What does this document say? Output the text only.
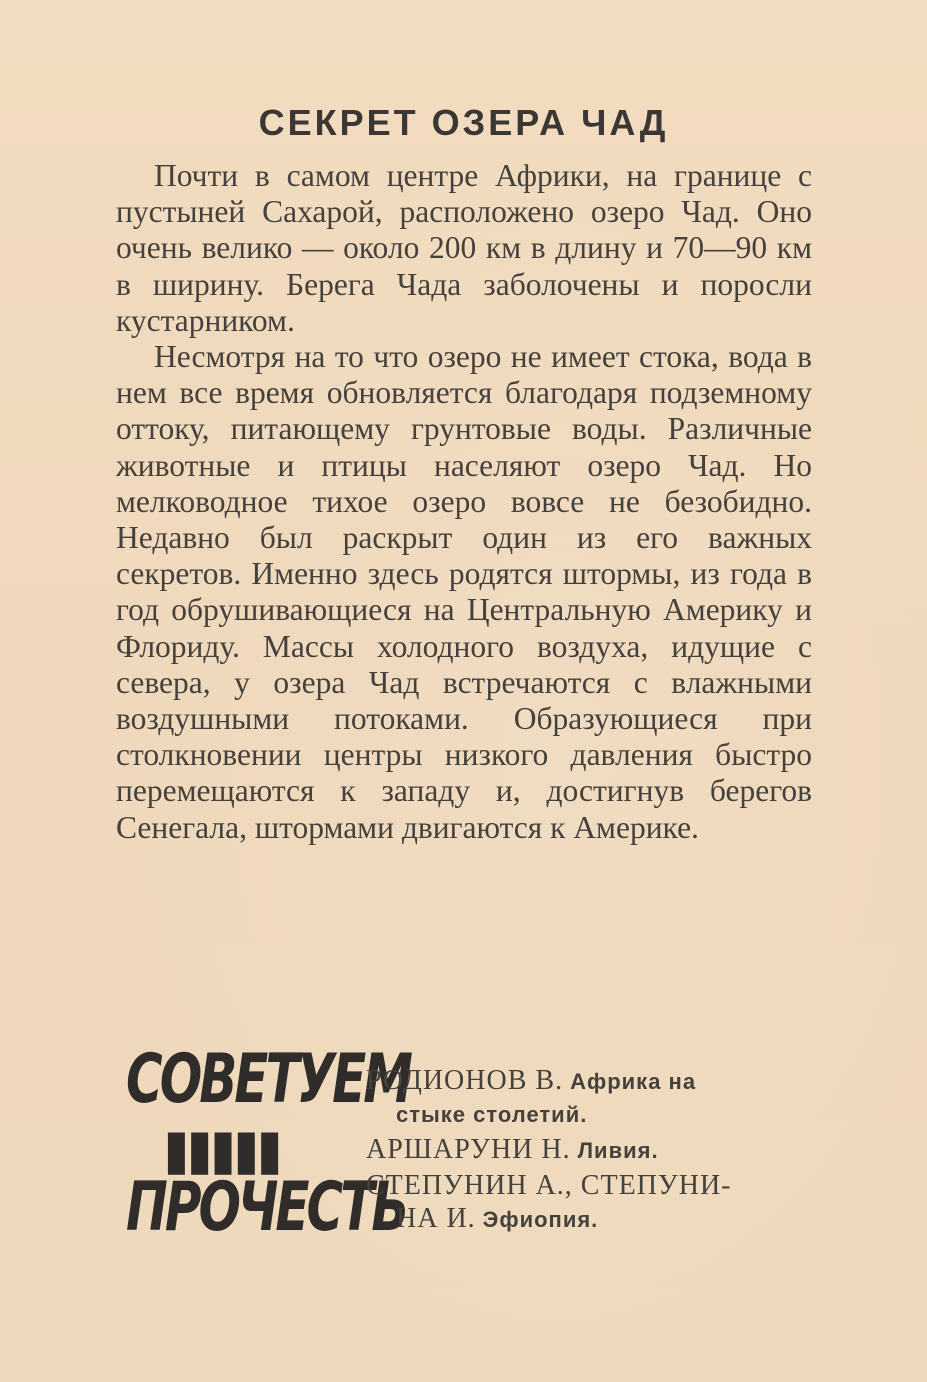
СЕКРЕТ ОЗЕРА ЧАД

Почти в самом центре Африки, на границе с пустыней Сахарой, расположено озеро Чад. Оно очень велико — около 200 км в длину и 70—90 км в ширину. Берега Чада заболочены и поросли кустарником.

Несмотря на то что озеро не имеет стока, вода в нем все время обновляется благодаря подземному оттоку, питающему грунтовые воды. Различные животные и птицы населяют озеро Чад. Но мелководное тихое озеро вовсе не безобидно. Недавно был раскрыт один из его важных секретов. Именно здесь родятся штормы, из года в год обрушивающиеся на Центральную Америку и Флориду. Массы холодного воздуха, идущие с севера, у озера Чад встречаются с влажными воздушными потоками. Образующиеся при столкновении центры низкого давления быстро перемещаются к западу и, достигнув берегов Сенегала, штормами двигаются к Америке.

СОВЕТУЕМ
▮▮▮▮▮
ПРОЧЕСТЬ
РОДИОНОВ В. Африка на
стыке столетий.
АРШАРУНИ Н. Ливия.
СТЕПУНИН А., СТЕПУНИ-
НА И. Эфиопия.
